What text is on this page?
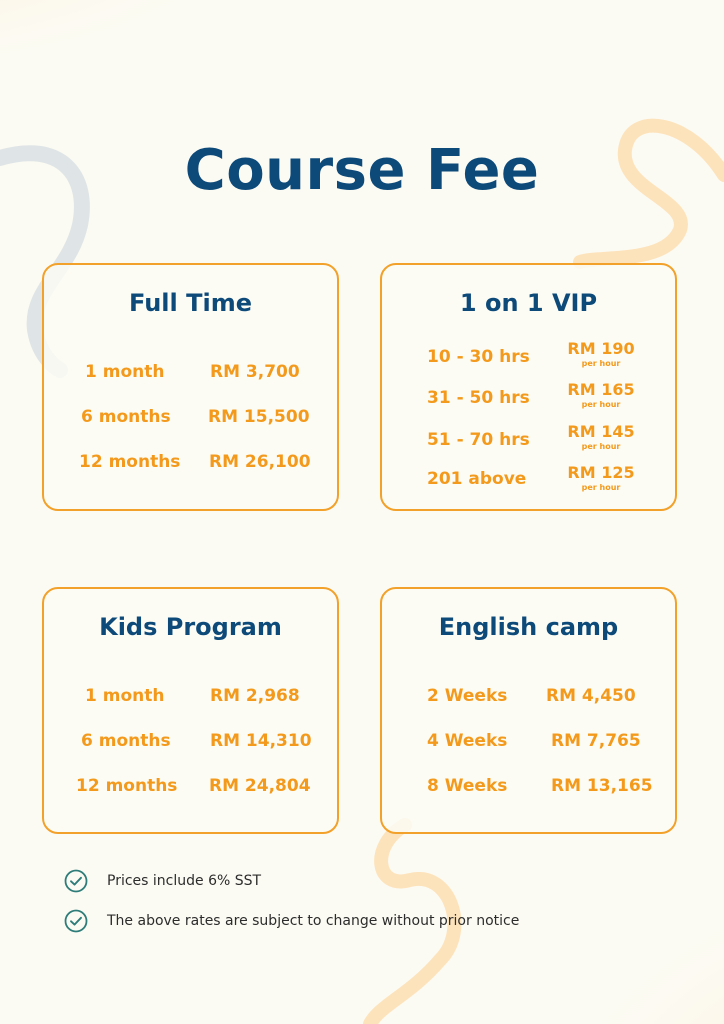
Course Fee
Full Time
1 month	RM 3,700
6 months RM 15,500
12 months RM 26,100
1 on 1 VIP
10 - 30 hrs	RM 190
per hour
31 - 50 hrs	RM 165
per hour
51 - 70 hrs	RM 145
per hour
201 above	RM 125
per hour
Kids Program
1 month	RM 2,968
6 months RM 14,310
12 months RM 24,804
English camp
2 Weeks RM 4,450
4 Weeks	RM 7,765
8 Weeks	RM 13,165
Prices include 6% SST
The above rates are subject to change without prior notice
